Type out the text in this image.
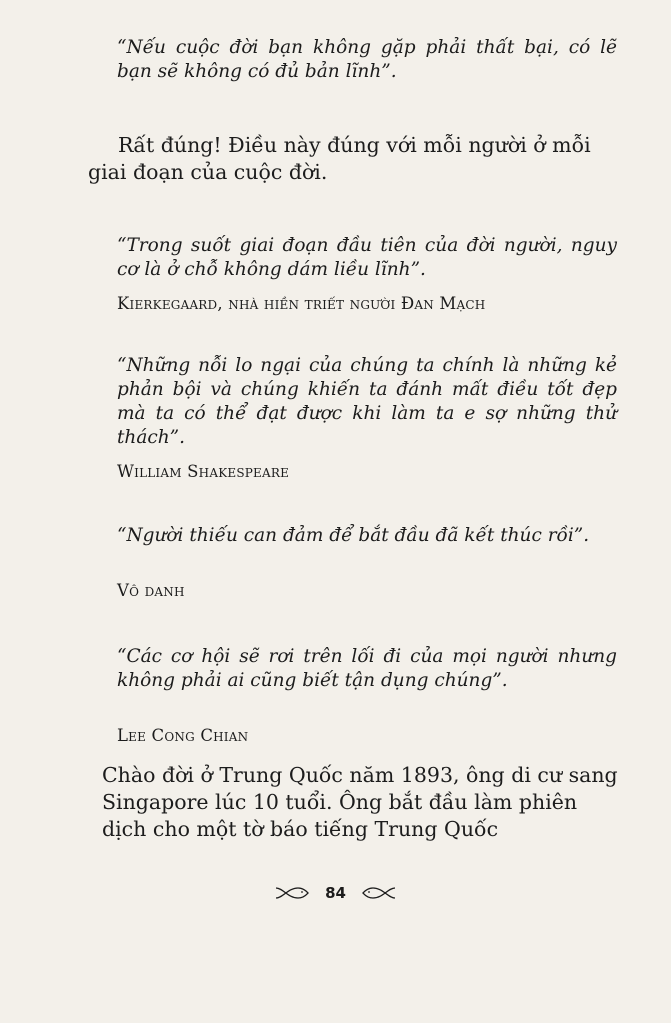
“Nếu cuộc đời bạn không gặp phải thất bại, có lẽ bạn sẽ không có đủ bản lĩnh”.
Rất đúng! Điều này đúng với mỗi người ở mỗi giai đoạn của cuộc đời.
“Trong suốt giai đoạn đầu tiên của đời người, nguy cơ là ở chỗ không dám liều lĩnh”.
Kierkegaard, nhà hiền triết người Đan Mạch
“Những nỗi lo ngại của chúng ta chính là những kẻ phản bội và chúng khiến ta đánh mất điều tốt đẹp mà ta có thể đạt được khi làm ta e sợ những thử thách”.
William Shakespeare
“Người thiếu can đảm để bắt đầu đã kết thúc rồi”.
Vô danh
“Các cơ hội sẽ rơi trên lối đi của mọi người nhưng không phải ai cũng biết tận dụng chúng”.
Lee Cong Chian
Chào đời ở Trung Quốc năm 1893, ông di cư sang Singapore lúc 10 tuổi. Ông bắt đầu làm phiên dịch cho một tờ báo tiếng Trung Quốc
84
